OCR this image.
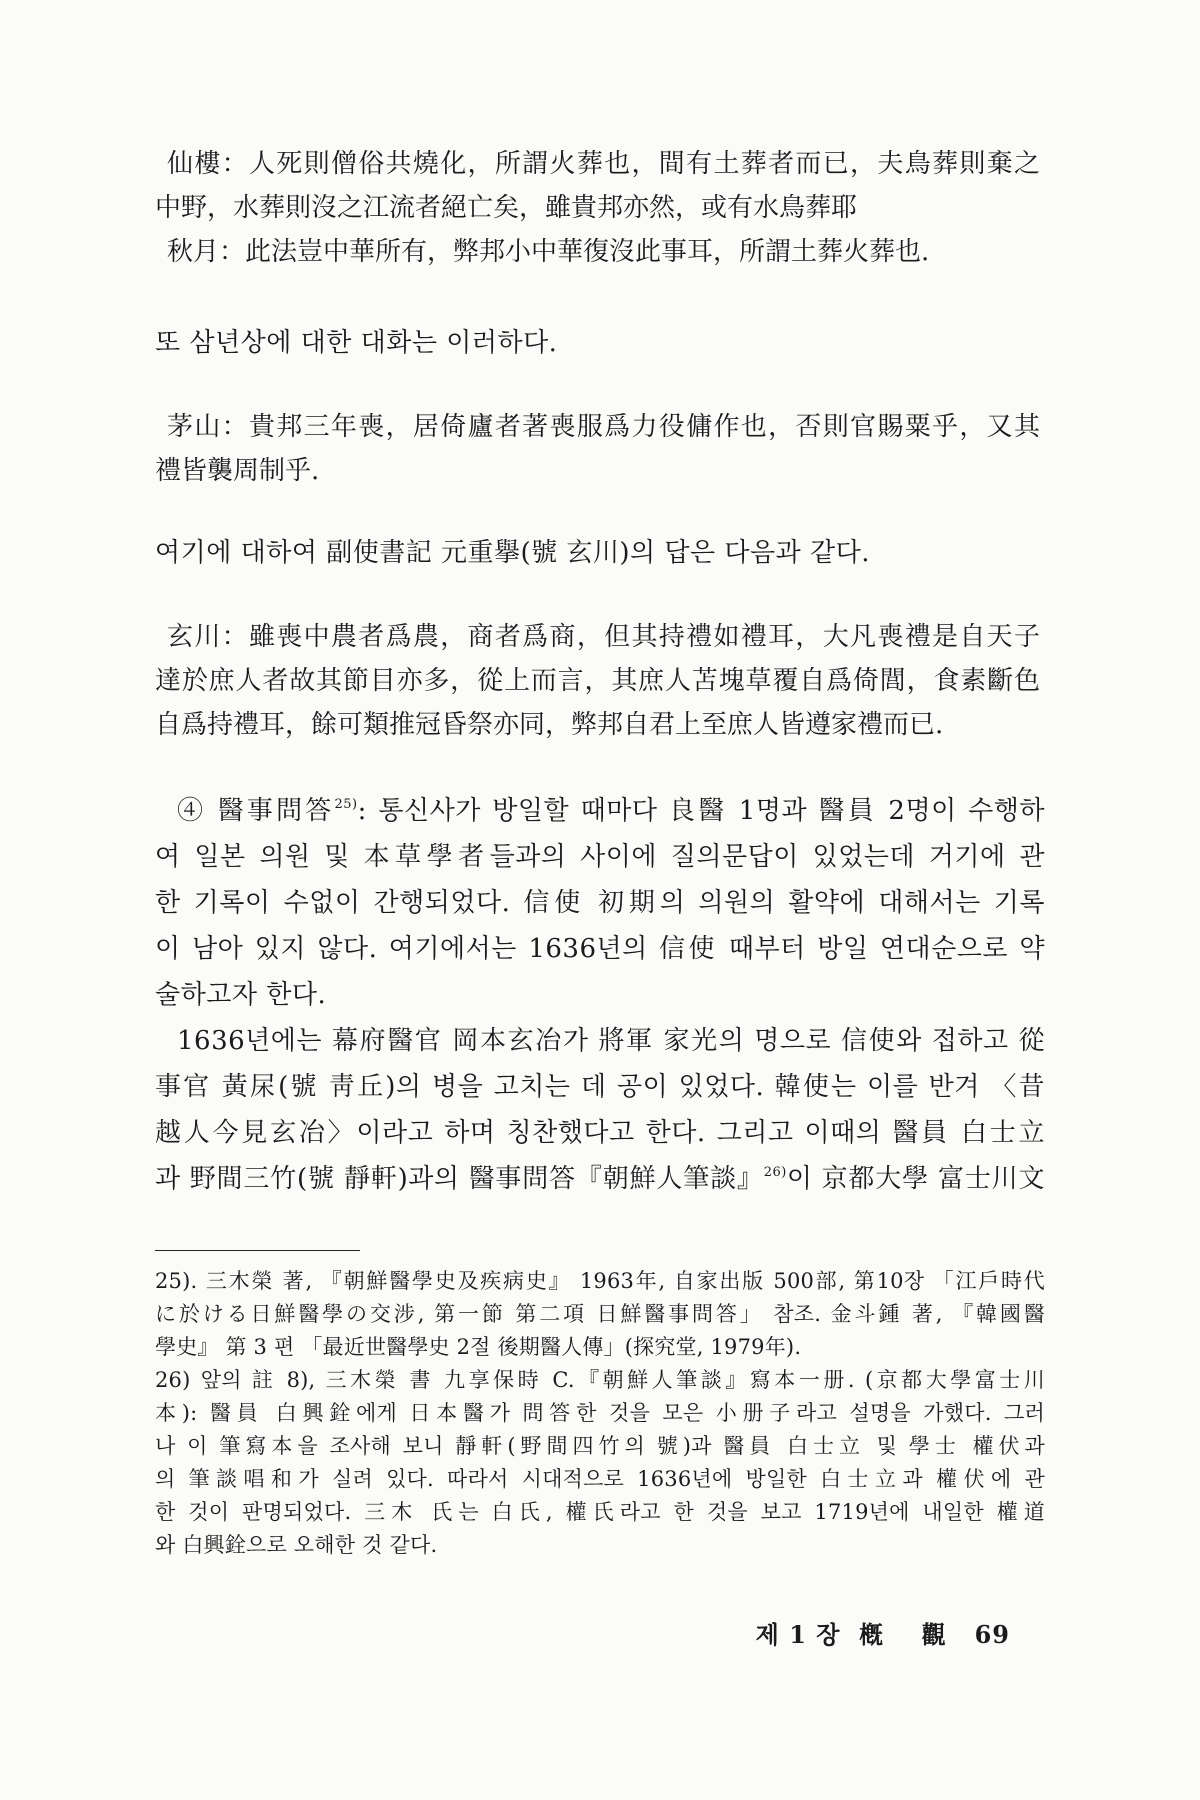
仙樓：人死則僧俗共燒化，所謂火葬也，間有土葬者而已，夫鳥葬則棄之
中野，水葬則沒之江流者絕亡矣，雖貴邦亦然，或有水鳥葬耶
秋月：此法豈中華所有，弊邦小中華復沒此事耳，所謂土葬火葬也.
또 삼년상에 대한 대화는 이러하다.
茅山：貴邦三年喪，居倚廬者著喪服爲力役傭作也，否則官賜粟乎，又其
禮皆襲周制乎.
여기에 대하여 副使書記 元重擧(號 玄川)의 답은 다음과 같다.
玄川：雖喪中農者爲農，商者爲商，但其持禮如禮耳，大凡喪禮是自天子
達於庶人者故其節目亦多，從上而言，其庶人苫塊草覆自爲倚閭，食素斷色
自爲持禮耳，餘可類推冠昏祭亦同，弊邦自君上至庶人皆遵家禮而已.
④ 醫事問答$^{25)}$: 통신사가 방일할 때마다 良醫 1명과 醫員 2명이 수행하
여 일본 의원 및 本草學者들과의 사이에 질의문답이 있었는데 거기에 관
한 기록이 수없이 간행되었다. 信使 初期의 의원의 활약에 대해서는 기록
이 남아 있지 않다. 여기에서는 1636년의 信使 때부터 방일 연대순으로 약
술하고자 한다.
1636년에는 幕府醫官 岡本玄冶가 將軍 家光의 명으로 信使와 접하고 從
事官 黃杘(號 靑丘)의 병을 고치는 데 공이 있었다. 韓使는 이를 반겨 〈昔
越人今見玄冶〉이라고 하며 칭찬했다고 한다. 그리고 이때의 醫員 白士立
과 野間三竹(號 靜軒)과의 醫事問答『朝鮮人筆談』$^{26)}$이 京都大學 富士川文
25). 三木榮 著, 『朝鮮醫學史及疾病史』 1963年, 自家出版 500部, 第10장 「江戶時代
に於ける日鮮醫學の交涉, 第一節 第二項 日鮮醫事問答」 참조. 金斗鍾 著, 『韓國醫
學史』 第 3 편 「最近世醫學史 2절 後期醫人傳」(探究堂, 1979年).
26) 앞의 註 8), 三木榮 書 九享保時 C.『朝鮮人筆談』寫本一册. (京都大學富士川
本): 醫員 白興銓에게 日本醫가 問答한 것을 모은 小册子라고 설명을 가했다. 그러
나 이 筆寫本을 조사해 보니 靜軒(野間四竹의 號)과 醫員 白士立 및 學士 權伏과
의 筆談唱和가 실려 있다. 따라서 시대적으로 1636년에 방일한 白士立과 權伏에 관
한 것이 판명되었다. 三木 氏는 白氏, 權氏라고 한 것을 보고 1719년에 내일한 權道
와 白興銓으로 오해한 것 같다.
제 1 장  槪    觀 69
